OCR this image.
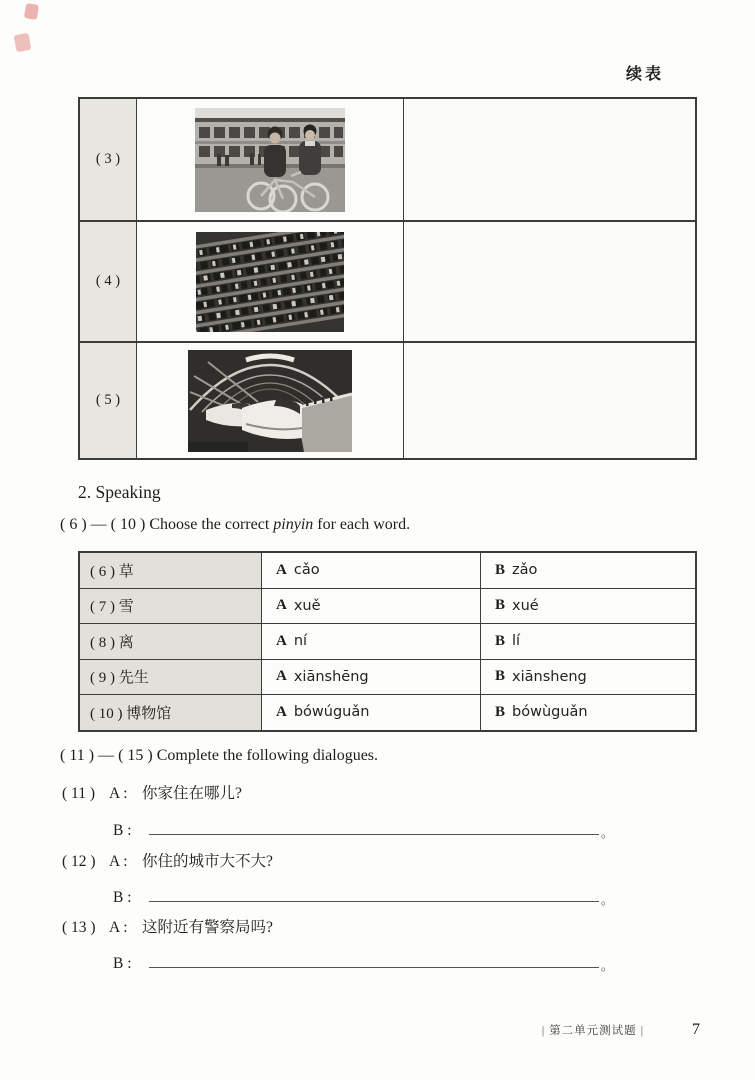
续表
( 3 )
( 4 )
( 5 )
2. Speaking
( 6 ) — ( 10 ) Choose the correct pinyin for each word.
( 6 ) 草	A cǎo	B zǎo
( 7 ) 雪	A xuě	B xué
( 8 ) 离	A ní	B lí
( 9 ) 先生	A xiānshēng	B xiānsheng
( 10 ) 博物馆	A bówúguǎn	B bówùguǎn
( 11 ) — ( 15 ) Complete the following dialogues.
( 11 ) A : 你家住在哪儿?
B :	。
( 12 ) A : 你住的城市大不大?
B :	。
( 13 ) A : 这附近有警察局吗?
B :	。
| 第二单元测试题 |	7
